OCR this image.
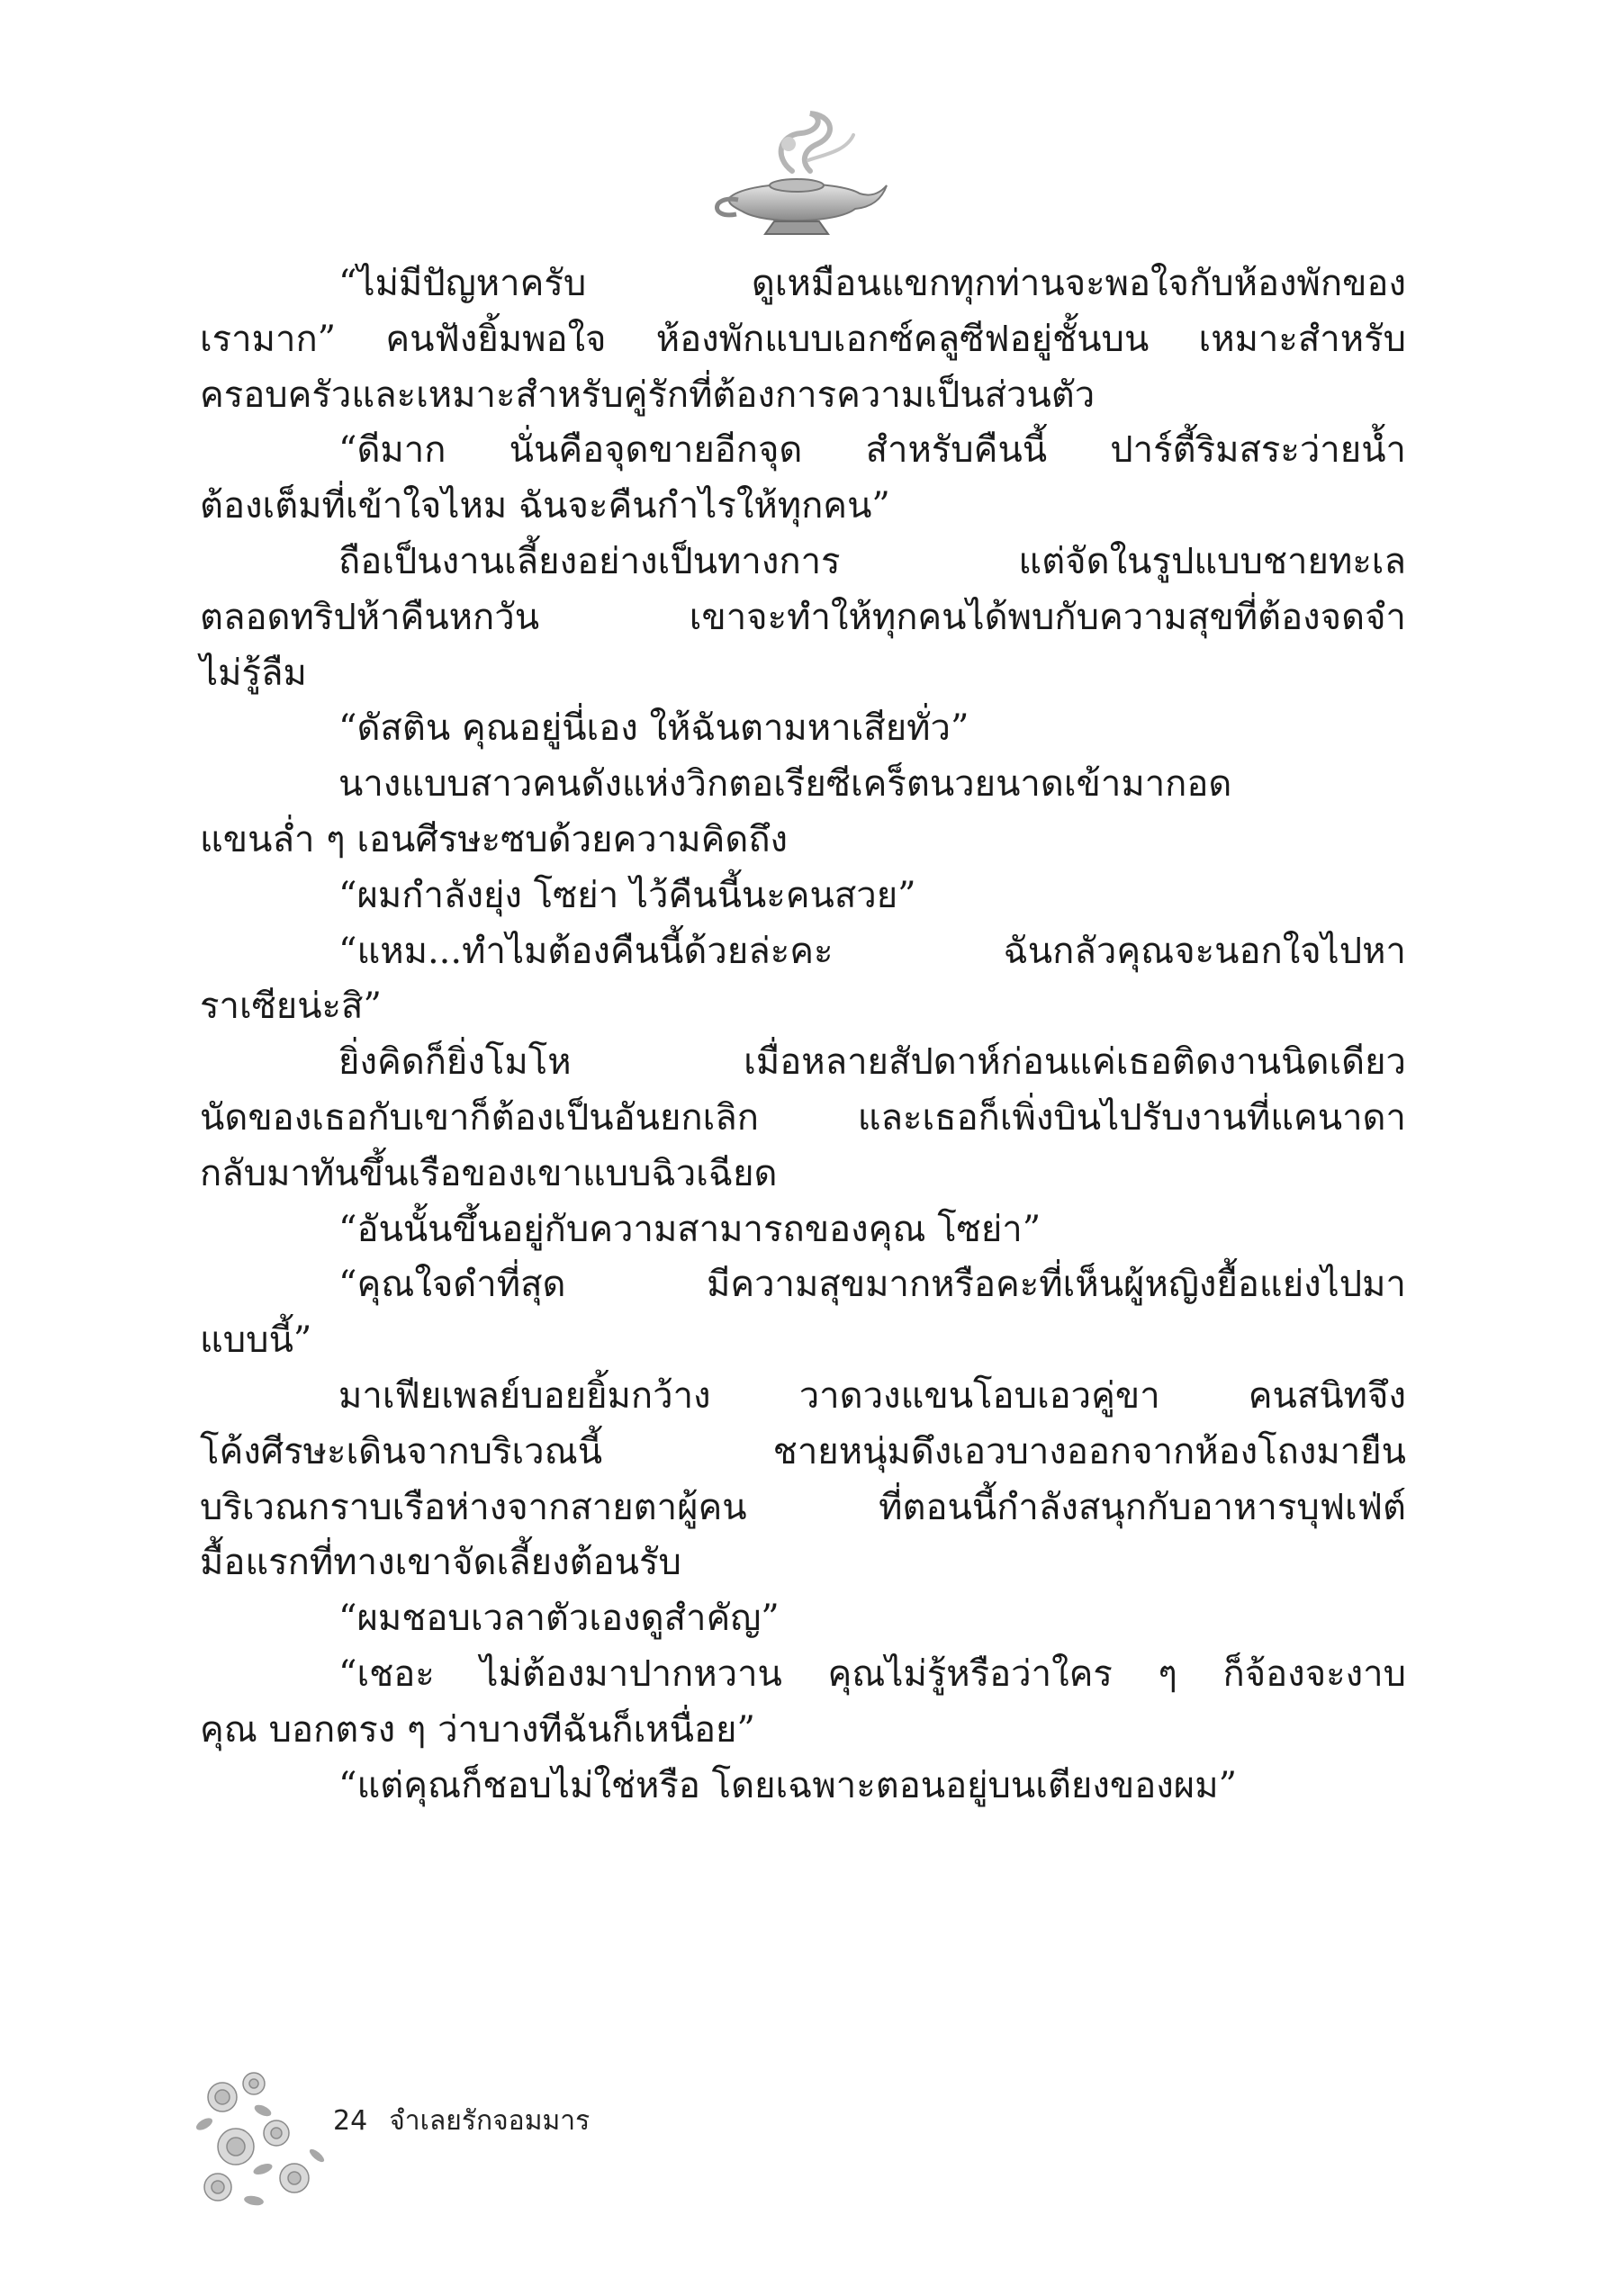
“ไม่มีปัญหาครับ ดูเหมือนแขกทุกท่านจะพอใจกับห้องพักของ
เรามาก” คนฟังยิ้มพอใจ ห้องพักแบบเอกซ์คลูซีฟอยู่ชั้นบน เหมาะสำหรับ
ครอบครัวและเหมาะสำหรับคู่รักที่ต้องการความเป็นส่วนตัว
“ดีมาก นั่นคือจุดขายอีกจุด สำหรับคืนนี้ ปาร์ตี้ริมสระว่ายน้ำ
ต้องเต็มที่เข้าใจไหม ฉันจะคืนกำไรให้ทุกคน”
ถือเป็นงานเลี้ยงอย่างเป็นทางการ แต่จัดในรูปแบบชายทะเล
ตลอดทริปห้าคืนหกวัน เขาจะทำให้ทุกคนได้พบกับความสุขที่ต้องจดจำ
ไม่รู้ลืม
“ดัสติน คุณอยู่นี่เอง ให้ฉันตามหาเสียทั่ว”
นางแบบสาวคนดังแห่งวิกตอเรียซีเคร็ตนวยนาดเข้ามากอด
แขนล่ำ ๆ เอนศีรษะซบด้วยความคิดถึง
“ผมกำลังยุ่ง โซย่า ไว้คืนนี้นะคนสวย”
“แหม...ทำไมต้องคืนนี้ด้วยล่ะคะ ฉันกลัวคุณจะนอกใจไปหา
ราเซียน่ะสิ”
ยิ่งคิดก็ยิ่งโมโห เมื่อหลายสัปดาห์ก่อนแค่เธอติดงานนิดเดียว
นัดของเธอกับเขาก็ต้องเป็นอันยกเลิก และเธอก็เพิ่งบินไปรับงานที่แคนาดา
กลับมาทันขึ้นเรือของเขาแบบฉิวเฉียด
“อันนั้นขึ้นอยู่กับความสามารถของคุณ โซย่า”
“คุณใจดำที่สุด มีความสุขมากหรือคะที่เห็นผู้หญิงยื้อแย่งไปมา
แบบนี้”
มาเฟียเพลย์บอยยิ้มกว้าง วาดวงแขนโอบเอวคู่ขา คนสนิทจึง
โค้งศีรษะเดินจากบริเวณนี้ ชายหนุ่มดึงเอวบางออกจากห้องโถงมายืน
บริเวณกราบเรือห่างจากสายตาผู้คน ที่ตอนนี้กำลังสนุกกับอาหารบุฟเฟ่ต์
มื้อแรกที่ทางเขาจัดเลี้ยงต้อนรับ
“ผมชอบเวลาตัวเองดูสำคัญ”
“เชอะ ไม่ต้องมาปากหวาน คุณไม่รู้หรือว่าใคร ๆ ก็จ้องจะงาบ
คุณ บอกตรง ๆ ว่าบางทีฉันก็เหนื่อย”
“แต่คุณก็ชอบไม่ใช่หรือ โดยเฉพาะตอนอยู่บนเตียงของผม”
24 จำเลยรักจอมมาร
